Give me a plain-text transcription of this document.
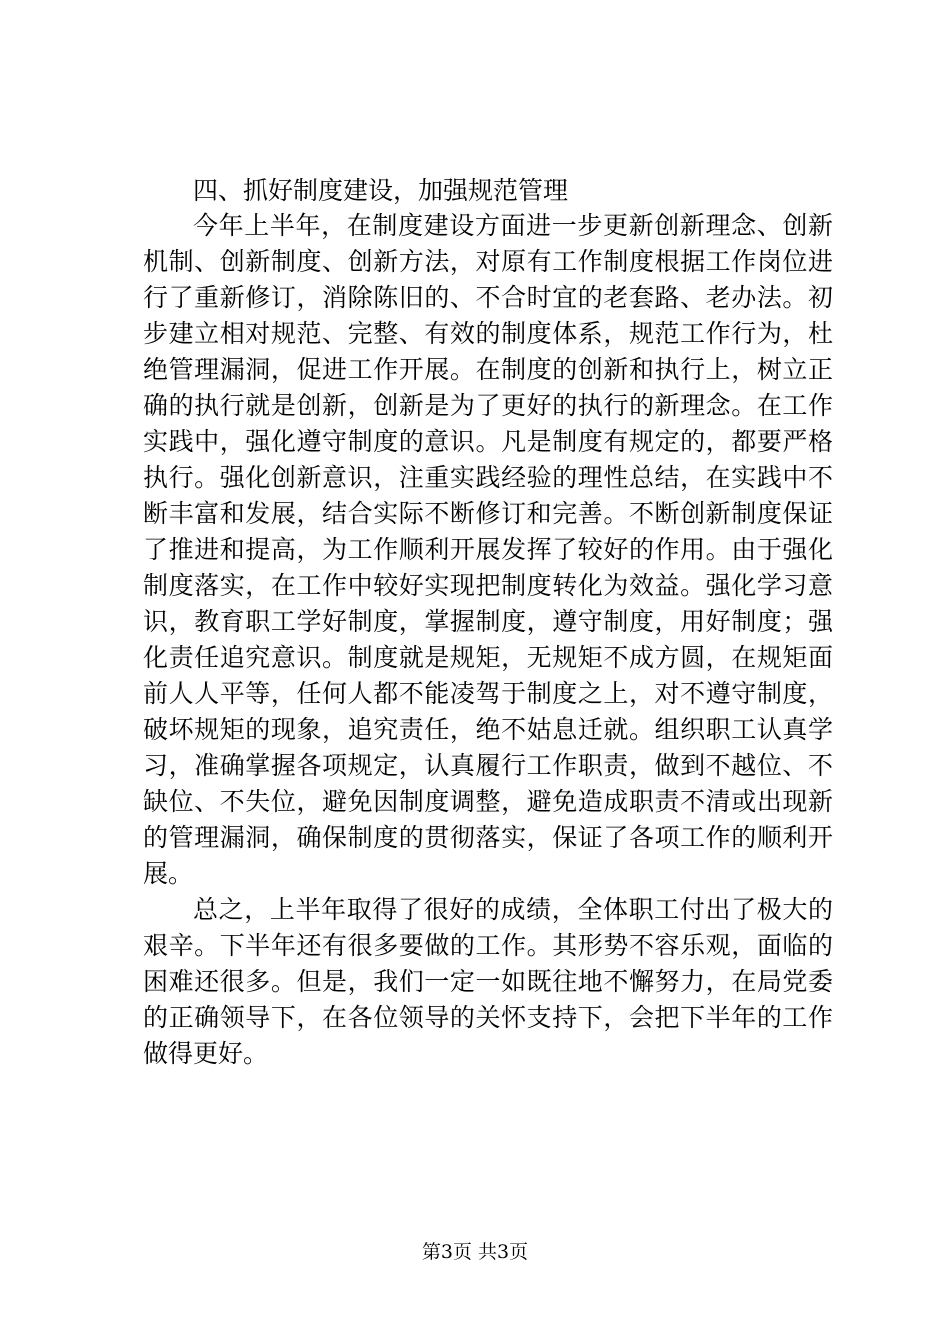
四、抓好制度建设，加强规范管理
今年上半年，在制度建设方面进一步更新创新理念、创新
机制、创新制度、创新方法，对原有工作制度根据工作岗位进
行了重新修订，消除陈旧的、不合时宜的老套路、老办法。初
步建立相对规范、完整、有效的制度体系，规范工作行为，杜
绝管理漏洞，促进工作开展。在制度的创新和执行上，树立正
确的执行就是创新，创新是为了更好的执行的新理念。在工作
实践中，强化遵守制度的意识。凡是制度有规定的，都要严格
执行。强化创新意识，注重实践经验的理性总结，在实践中不
断丰富和发展，结合实际不断修订和完善。不断创新制度保证
了推进和提高，为工作顺利开展发挥了较好的作用。由于强化
制度落实，在工作中较好实现把制度转化为效益。强化学习意
识，教育职工学好制度，掌握制度，遵守制度，用好制度；强
化责任追究意识。制度就是规矩，无规矩不成方圆，在规矩面
前人人平等，任何人都不能凌驾于制度之上，对不遵守制度，
破坏规矩的现象，追究责任，绝不姑息迁就。组织职工认真学
习，准确掌握各项规定，认真履行工作职责，做到不越位、不
缺位、不失位，避免因制度调整，避免造成职责不清或出现新
的管理漏洞，确保制度的贯彻落实，保证了各项工作的顺利开
展。
总之，上半年取得了很好的成绩，全体职工付出了极大的
艰辛。下半年还有很多要做的工作。其形势不容乐观，面临的
困难还很多。但是，我们一定一如既往地不懈努力，在局党委
的正确领导下，在各位领导的关怀支持下，会把下半年的工作
做得更好。
第3页 共3页
